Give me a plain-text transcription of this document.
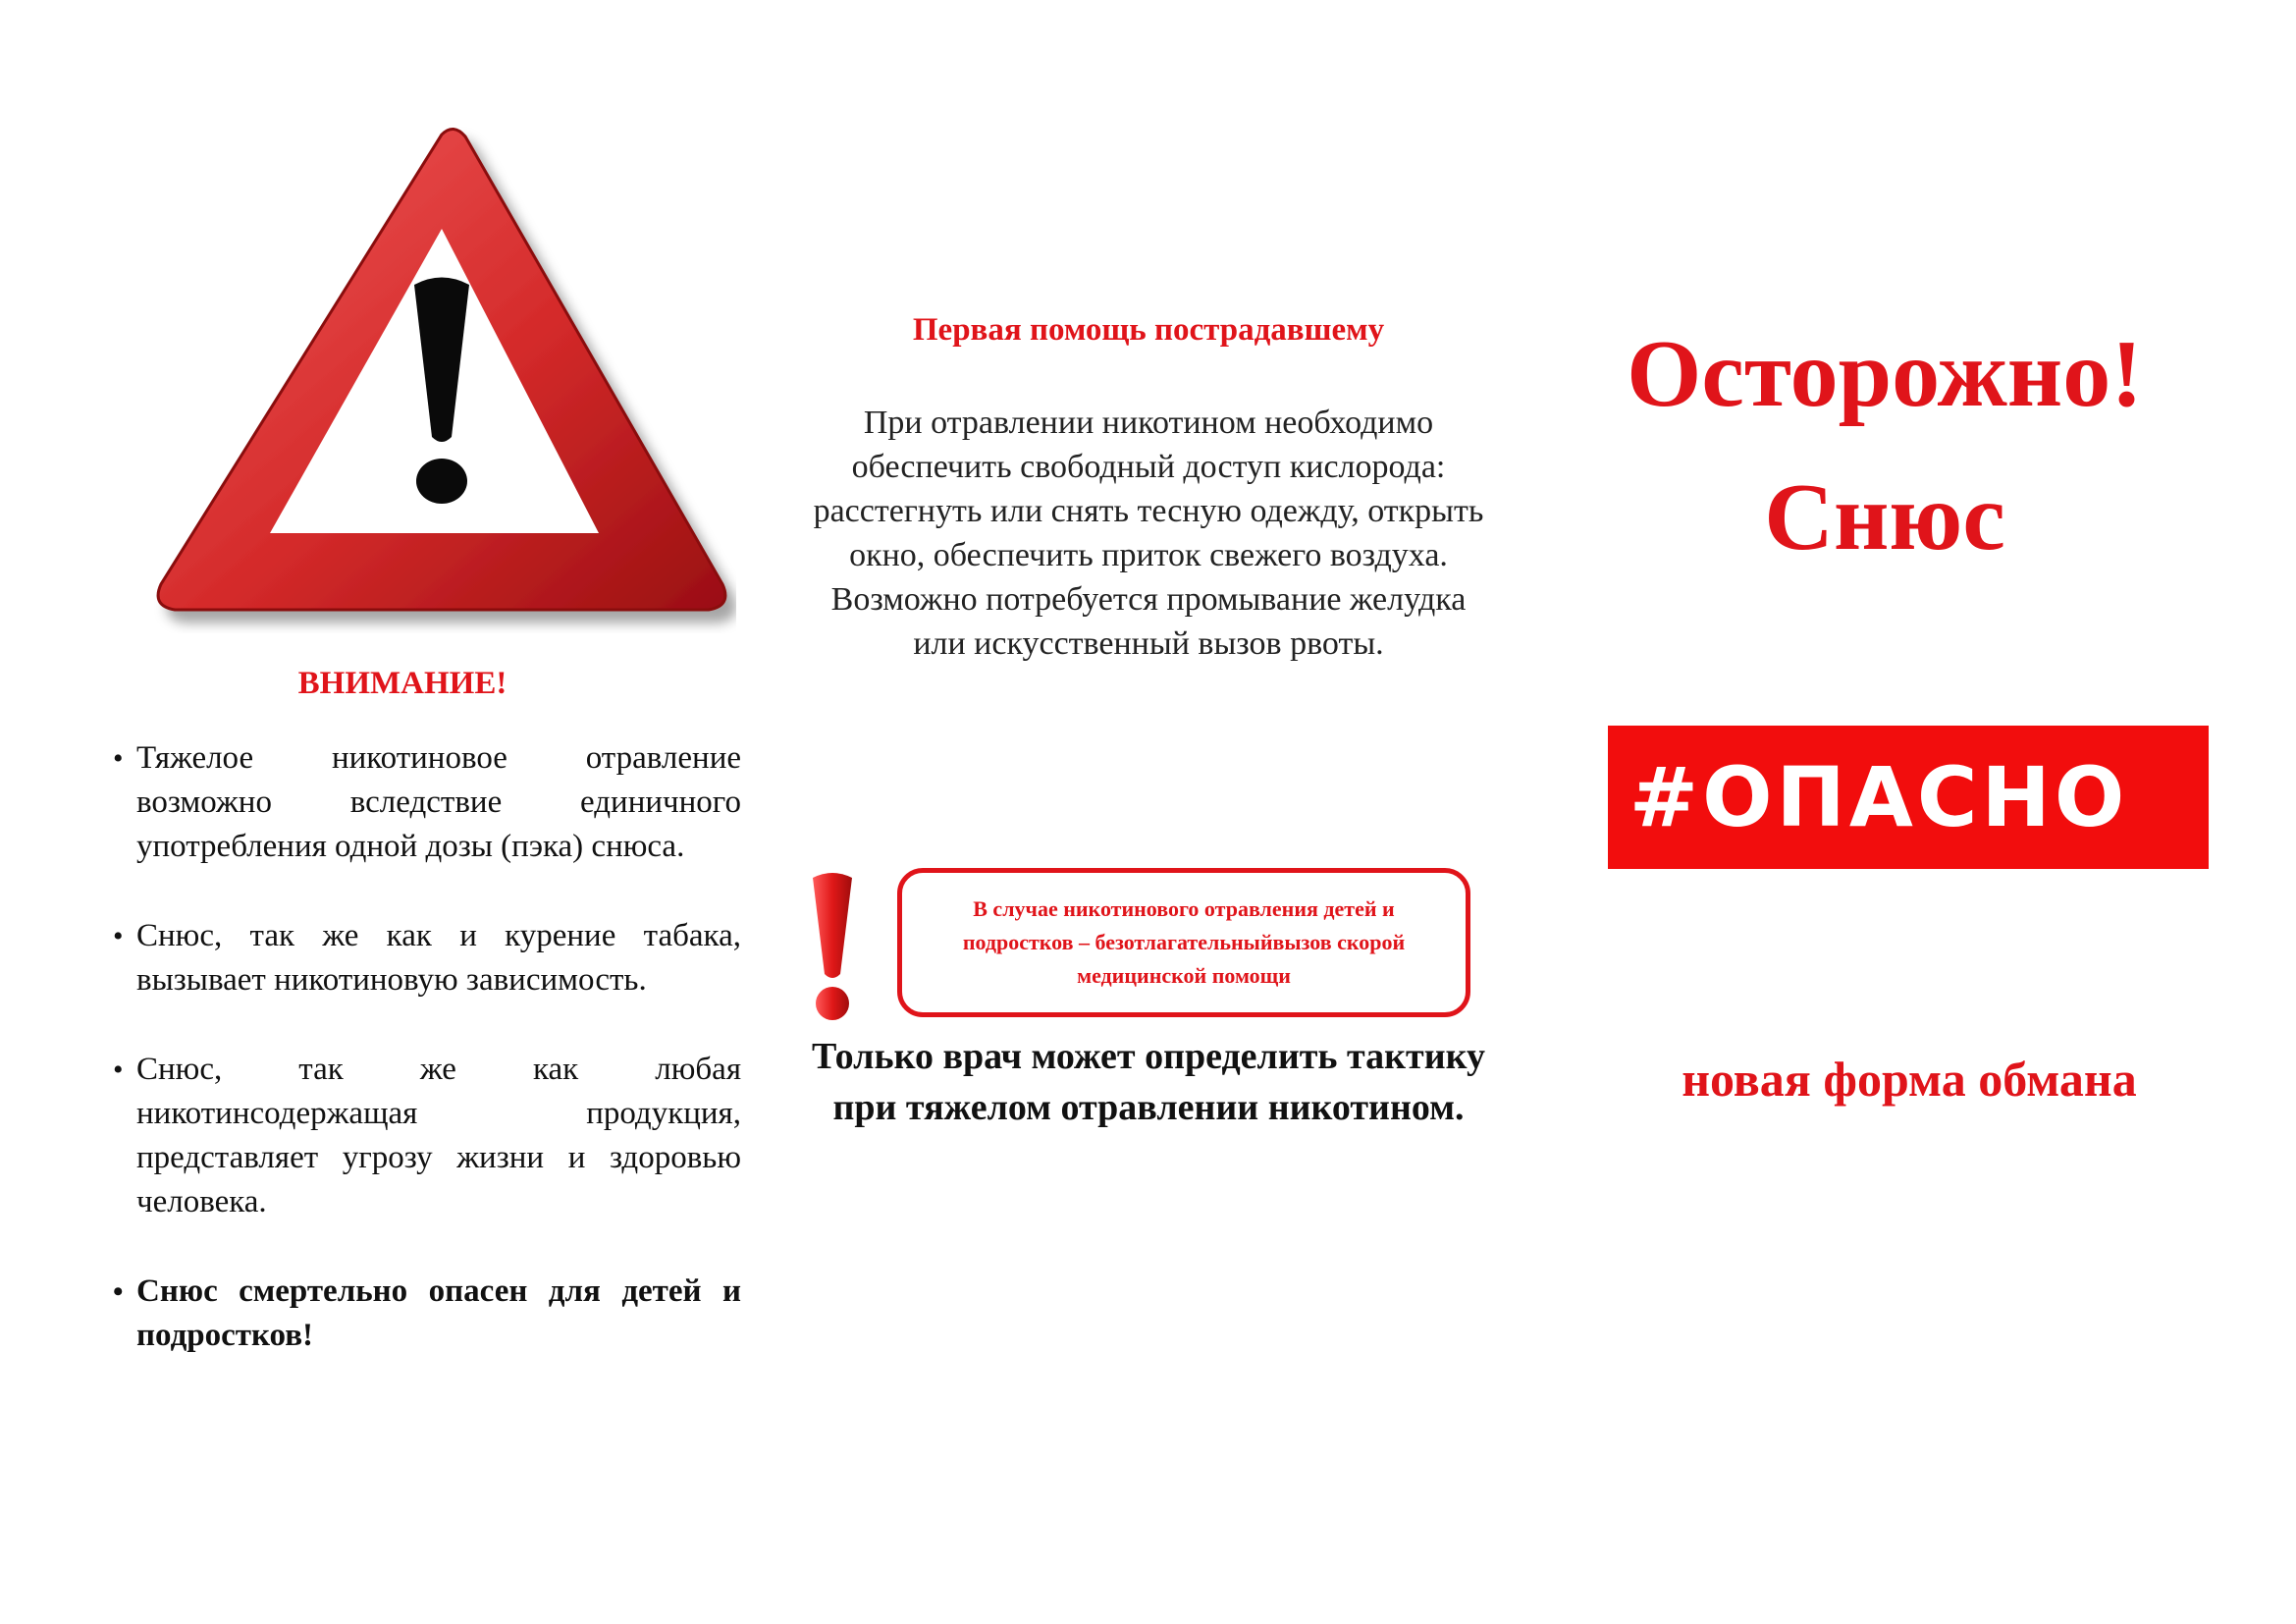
ВНИМАНИЕ!
• Тяжелое никотиновое отравление возможно вследствие единичного употребления одной дозы (пэка) снюса.
• Снюс, так же как и курение табака, вызывает никотиновую зависимость.
• Снюс, так же как любая никотинсодержащая продукция, представляет угрозу жизни и здоровью человека.
• Снюс смертельно опасен для детей и подростков!
Первая помощь пострадавшему
При отравлении никотином необходимо обеспечить свободный доступ кислорода: расстегнуть или снять тесную одежду, открыть окно, обеспечить приток свежего воздуха. Возможно потребуется промывание желудка или искусственный вызов рвоты.
В случае никотинового отравления детей и подростков – безотлагательныйвызов скорой медицинской помощи
Только врач может определить тактику при тяжелом отравлении никотином.
Осторожно!
Снюс
#ОПАСНО
новая форма обмана
